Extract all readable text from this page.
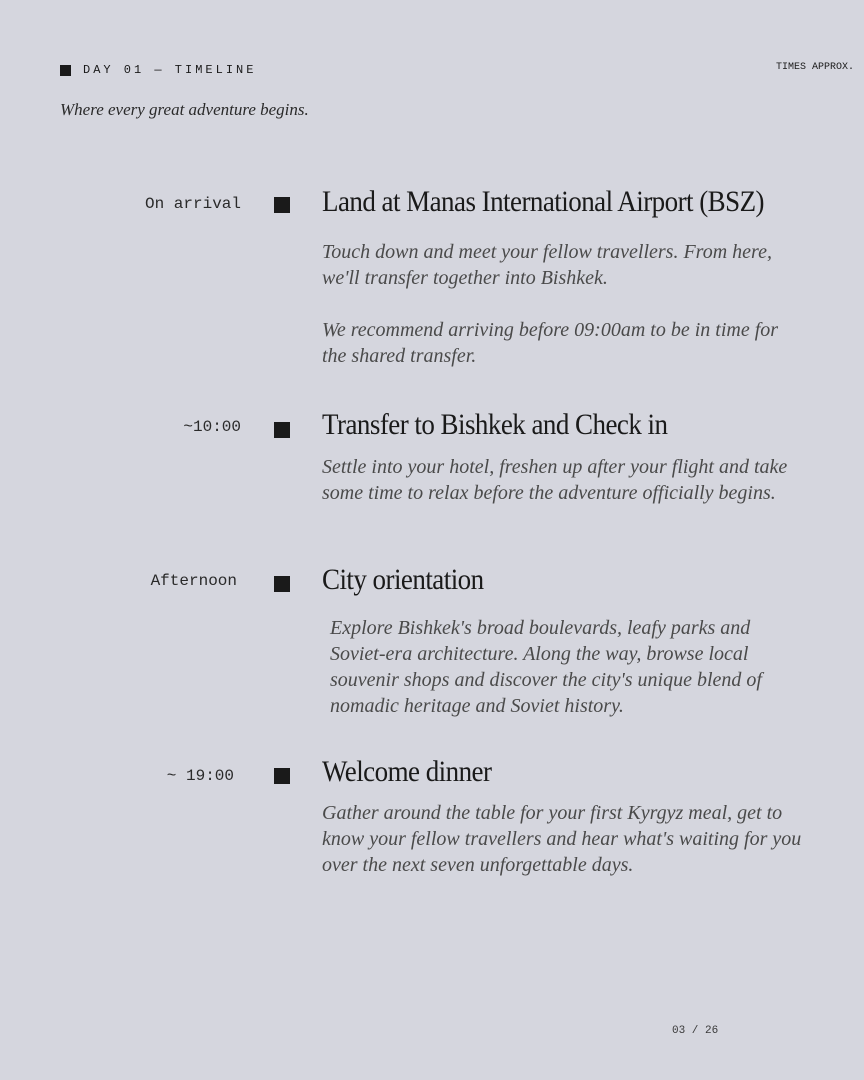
DAY 01 — TIMELINE	TIMES APPROX.
Where every great adventure begins.
On arrival	Land at Manas International Airport (BSZ)

Touch down and meet your fellow travellers. From here, we'll transfer together into Bishkek.

We recommend arriving before 09:00am to be in time for the shared transfer.

~10:00	Transfer to Bishkek and Check in

Settle into your hotel, freshen up after your flight and take some time to relax before the adventure officially begins.

Afternoon	City orientation

Explore Bishkek's broad boulevards, leafy parks and Soviet-era architecture. Along the way, browse local souvenir shops and discover the city's unique blend of nomadic heritage and Soviet history.

~ 19:00	Welcome dinner

Gather around the table for your first Kyrgyz meal, get to know your fellow travellers and hear what's waiting for you over the next seven unforgettable days.

03 / 26
